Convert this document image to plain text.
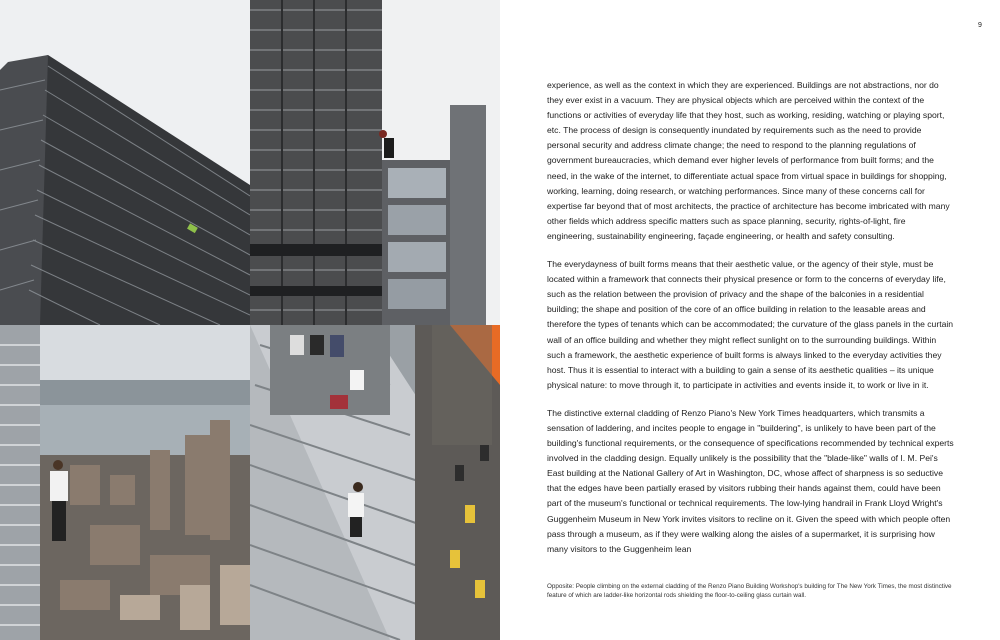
9

experience, as well as the context in which they are experienced. Buildings are not abstractions, nor do they ever exist in a vacuum. They are physical objects which are perceived within the context of the functions or activities of everyday life that they host, such as working, residing, watching or playing sport, etc. The process of design is consequently inundated by requirements such as the need to provide personal security and address climate change; the need to respond to the planning regulations of government bureaucracies, which demand ever higher levels of performance from built forms; and the need, in the wake of the internet, to differentiate actual space from virtual space in buildings for shopping, working, learning, doing research, or watching performances. Since many of these concerns call for expertise far beyond that of most architects, the practice of architecture has become imbricated with many other fields which address specific matters such as space planning, security, rights-of-light, fire engineering, sustainability engineering, façade engineering, or health and safety consulting.

The everydayness of built forms means that their aesthetic value, or the agency of their style, must be located within a framework that connects their physical presence or form to the concerns of everyday life, such as the relation between the provision of privacy and the shape of the balconies in a residential building; the shape and position of the core of an office building in relation to the leasable areas and therefore the types of tenants which can be accommodated; the curvature of the glass panels in the curtain wall of an office building and whether they might reflect sunlight on to the surrounding buildings. Within such a framework, the aesthetic experience of built forms is always linked to the everyday activities they host. Thus it is essential to interact with a building to gain a sense of its aesthetic qualities – its unique physical nature: to move through it, to participate in activities and events inside it, to work or live in it.

The distinctive external cladding of Renzo Piano's New York Times headquarters, which transmits a sensation of laddering, and incites people to engage in "buildering", is unlikely to have been part of the building's functional requirements, or the consequence of specifications recommended by technical experts involved in the cladding design. Equally unlikely is the possibility that the "blade-like" walls of I. M. Pei's East building at the National Gallery of Art in Washington, DC, whose affect of sharpness is so seductive that the edges have been partially erased by visitors rubbing their hands against them, could have been part of the museum's functional or technical requirements. The low-lying handrail in Frank Lloyd Wright's Guggenheim Museum in New York invites visitors to recline on it. Given the speed with which people often pass through a museum, as if they were walking along the aisles of a supermarket, it is surprising how many visitors to the Guggenheim lean

Opposite: People climbing on the external cladding of the Renzo Piano Building Workshop's building for The New York Times, the most distinctive feature of which are ladder-like horizontal rods shielding the floor-to-ceiling glass curtain wall.
